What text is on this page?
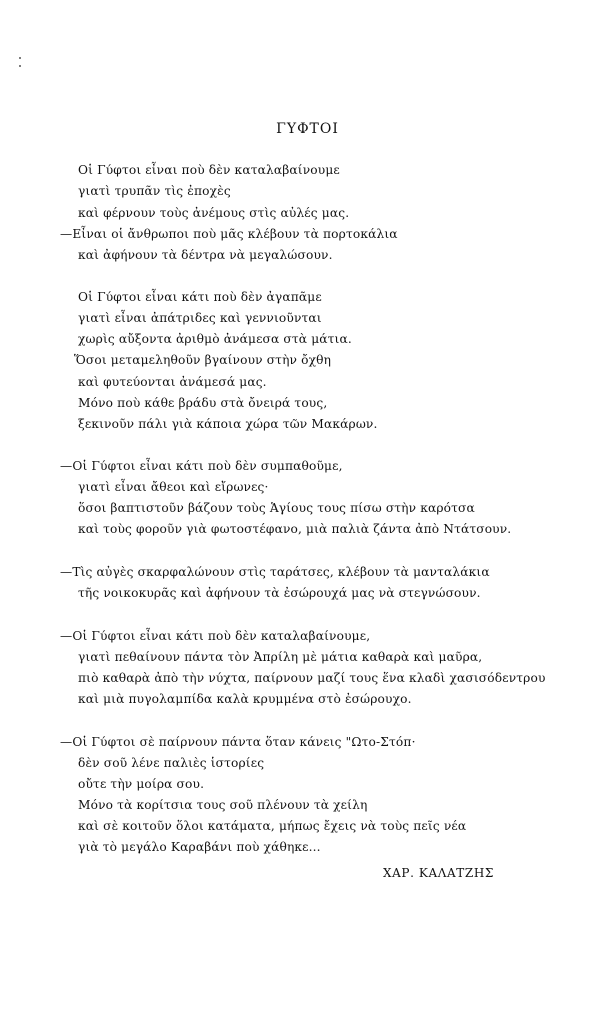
ΓΥΦΤΟΙ
Οἱ Γύφτοι εἶναι ποὺ δὲν καταλαβαίνουμε
γιατὶ τρυπᾶν τὶς ἐποχὲς
καὶ φέρνουν τοὺς ἀνέμους στὶς αὐλές μας.
—Εἶναι οἱ ἄνθρωποι ποὺ μᾶς κλέβουν τὰ πορτοκάλια
καὶ ἀφήνουν τὰ δέντρα νὰ μεγαλώσουν.
Οἱ Γύφτοι εἶναι κάτι ποὺ δὲν ἀγαπᾶμε
γιατὶ εἶναι ἀπάτριδες καὶ γεννιοῦνται
χωρὶς αὔξοντα ἀριθμὸ ἀνάμεσα στὰ μάτια.
Ὅσοι μεταμεληθοῦν βγαίνουν στὴν ὄχθη
καὶ φυτεύονται ἀνάμεσά μας.
Μόνο ποὺ κάθε βράδυ στὰ ὄνειρά τους,
ξεκινοῦν πάλι γιὰ κάποια χώρα τῶν Μακάρων.
—Οἱ Γύφτοι εἶναι κάτι ποὺ δὲν συμπαθοῦμε,
γιατὶ εἶναι ἄθεοι καὶ εἴρωνες·
ὅσοι βαπτιστοῦν βάζουν τοὺς Ἁγίους τους πίσω στὴν καρότσα
καὶ τοὺς φοροῦν γιὰ φωτοστέφανο, μιὰ παλιὰ ζάντα ἀπὸ Ντάτσουν.
—Τὶς αὐγὲς σκαρφαλώνουν στὶς ταράτσες, κλέβουν τὰ μανταλάκια
τῆς νοικοκυρᾶς καὶ ἀφήνουν τὰ ἐσώρουχά μας νὰ στεγνώσουν.
—Οἱ Γύφτοι εἶναι κάτι ποὺ δὲν καταλαβαίνουμε,
γιατὶ πεθαίνουν πάντα τὸν Ἀπρίλη μὲ μάτια καθαρὰ καὶ μαῦρα,
πιὸ καθαρὰ ἀπὸ τὴν νύχτα, παίρνουν μαζί τους ἕνα κλαδὶ χασισόδεντρου
καὶ μιὰ πυγολαμπίδα καλὰ κρυμμένα στὸ ἐσώρουχο.
—Οἱ Γύφτοι σὲ παίρνουν πάντα ὅταν κάνεις "Ωτο-Στόπ·
δὲν σοῦ λένε παλιὲς ἱστορίες
οὔτε τὴν μοίρα σου.
Μόνο τὰ κορίτσια τους σοῦ πλένουν τὰ χείλη
καὶ σὲ κοιτοῦν ὅλοι κατάματα, μήπως ἔχεις νὰ τοὺς πεῖς νέα
γιὰ τὸ μεγάλο Καραβάνι ποὺ χάθηκε...
ΧΑΡ. ΚΑΛΑΤΖΗΣ
